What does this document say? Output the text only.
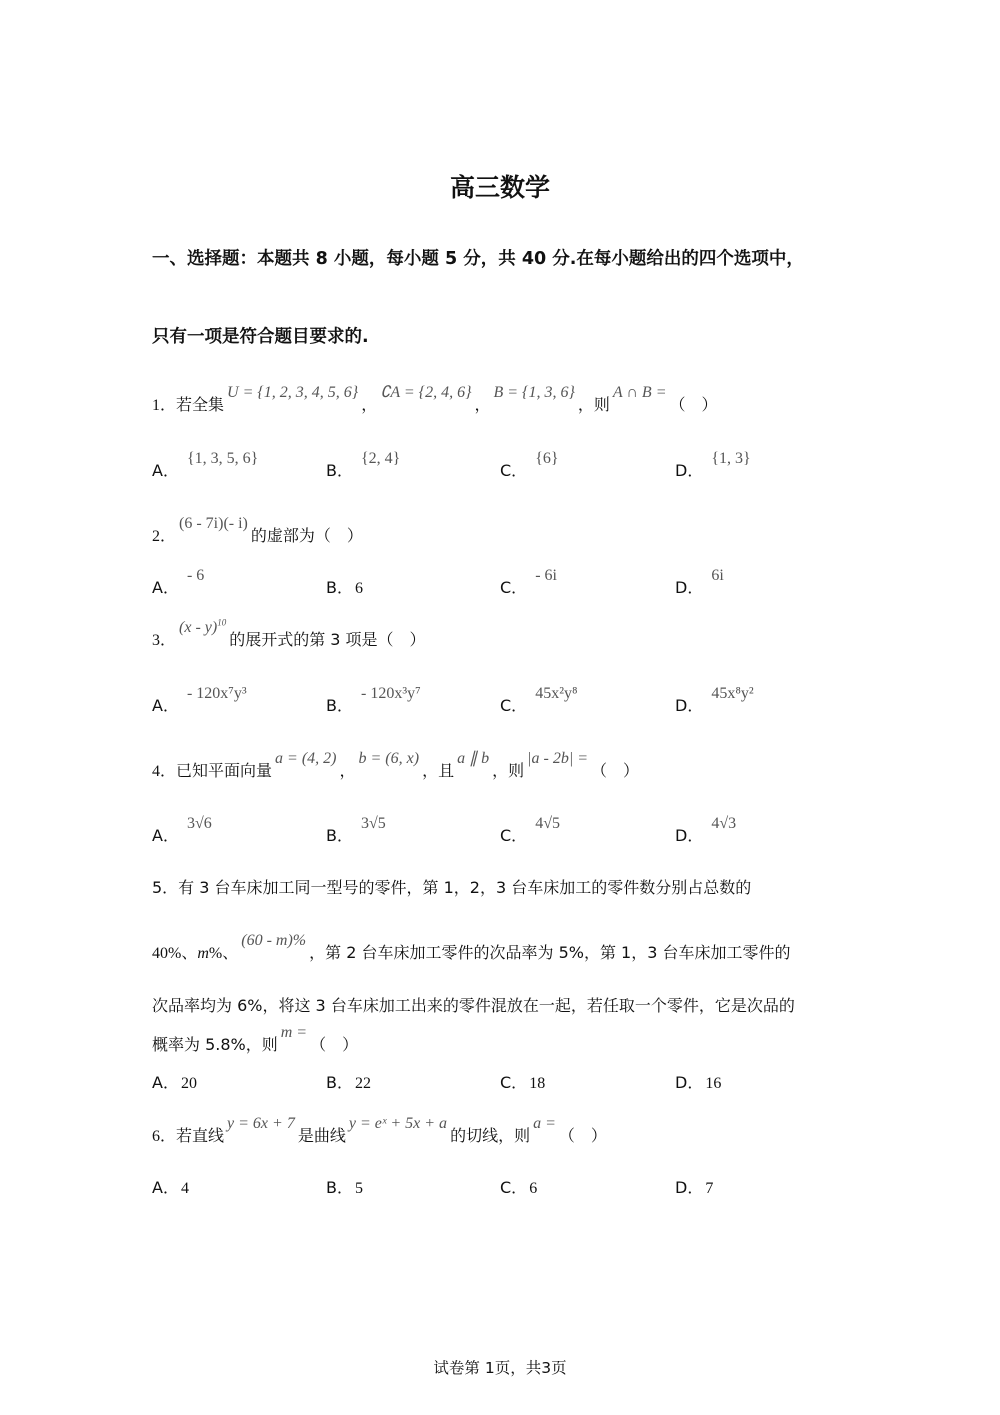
高三数学
一、选择题：本题共 8 小题，每小题 5 分，共 40 分.在每小题给出的四个选项中，
只有一项是符合题目要求的.
1．若全集U = {1, 2, 3, 4, 5, 6}，∁A = {2, 4, 6}，B = {1, 3, 6}，则A ∩ B =（　）
A．{1, 3, 5, 6}
B．{2, 4}
C．{6}
D．{1, 3}
2．(6 - 7i)(- i)的虚部为（　）
A．- 6
B． 6	C．- 6i
D．6i
3．(x - y)$^{10}$的展开式的第 3 项是（　）
A．- 120x⁷y³
B．- 120x³y⁷
C．45x²y⁸
D．45x⁸y²
4．已知平面向量a = (4, 2)，b = (6, x)，且a ∥ b，则|a - 2b| =（　）
A．3√6
B．3√5
C．4√5
D．4√3
5．有 3 台车床加工同一型号的零件，第 1，2，3 台车床加工的零件数分别占总数的
40%、m%、(60 - m)%，第 2 台车床加工零件的次品率为 5%，第 1，3 台车床加工零件的
次品率均为 6%，将这 3 台车床加工出来的零件混放在一起，若任取一个零件，它是次品的
概率为 5.8%，则m =（　）
A． 20	B． 22	C． 18	D． 16
6．若直线y = 6x + 7是曲线y = eˣ + 5x + a的切线，则a =（　）
A． 4	B． 5	C． 6	D． 7
试卷第 1页，共3页
